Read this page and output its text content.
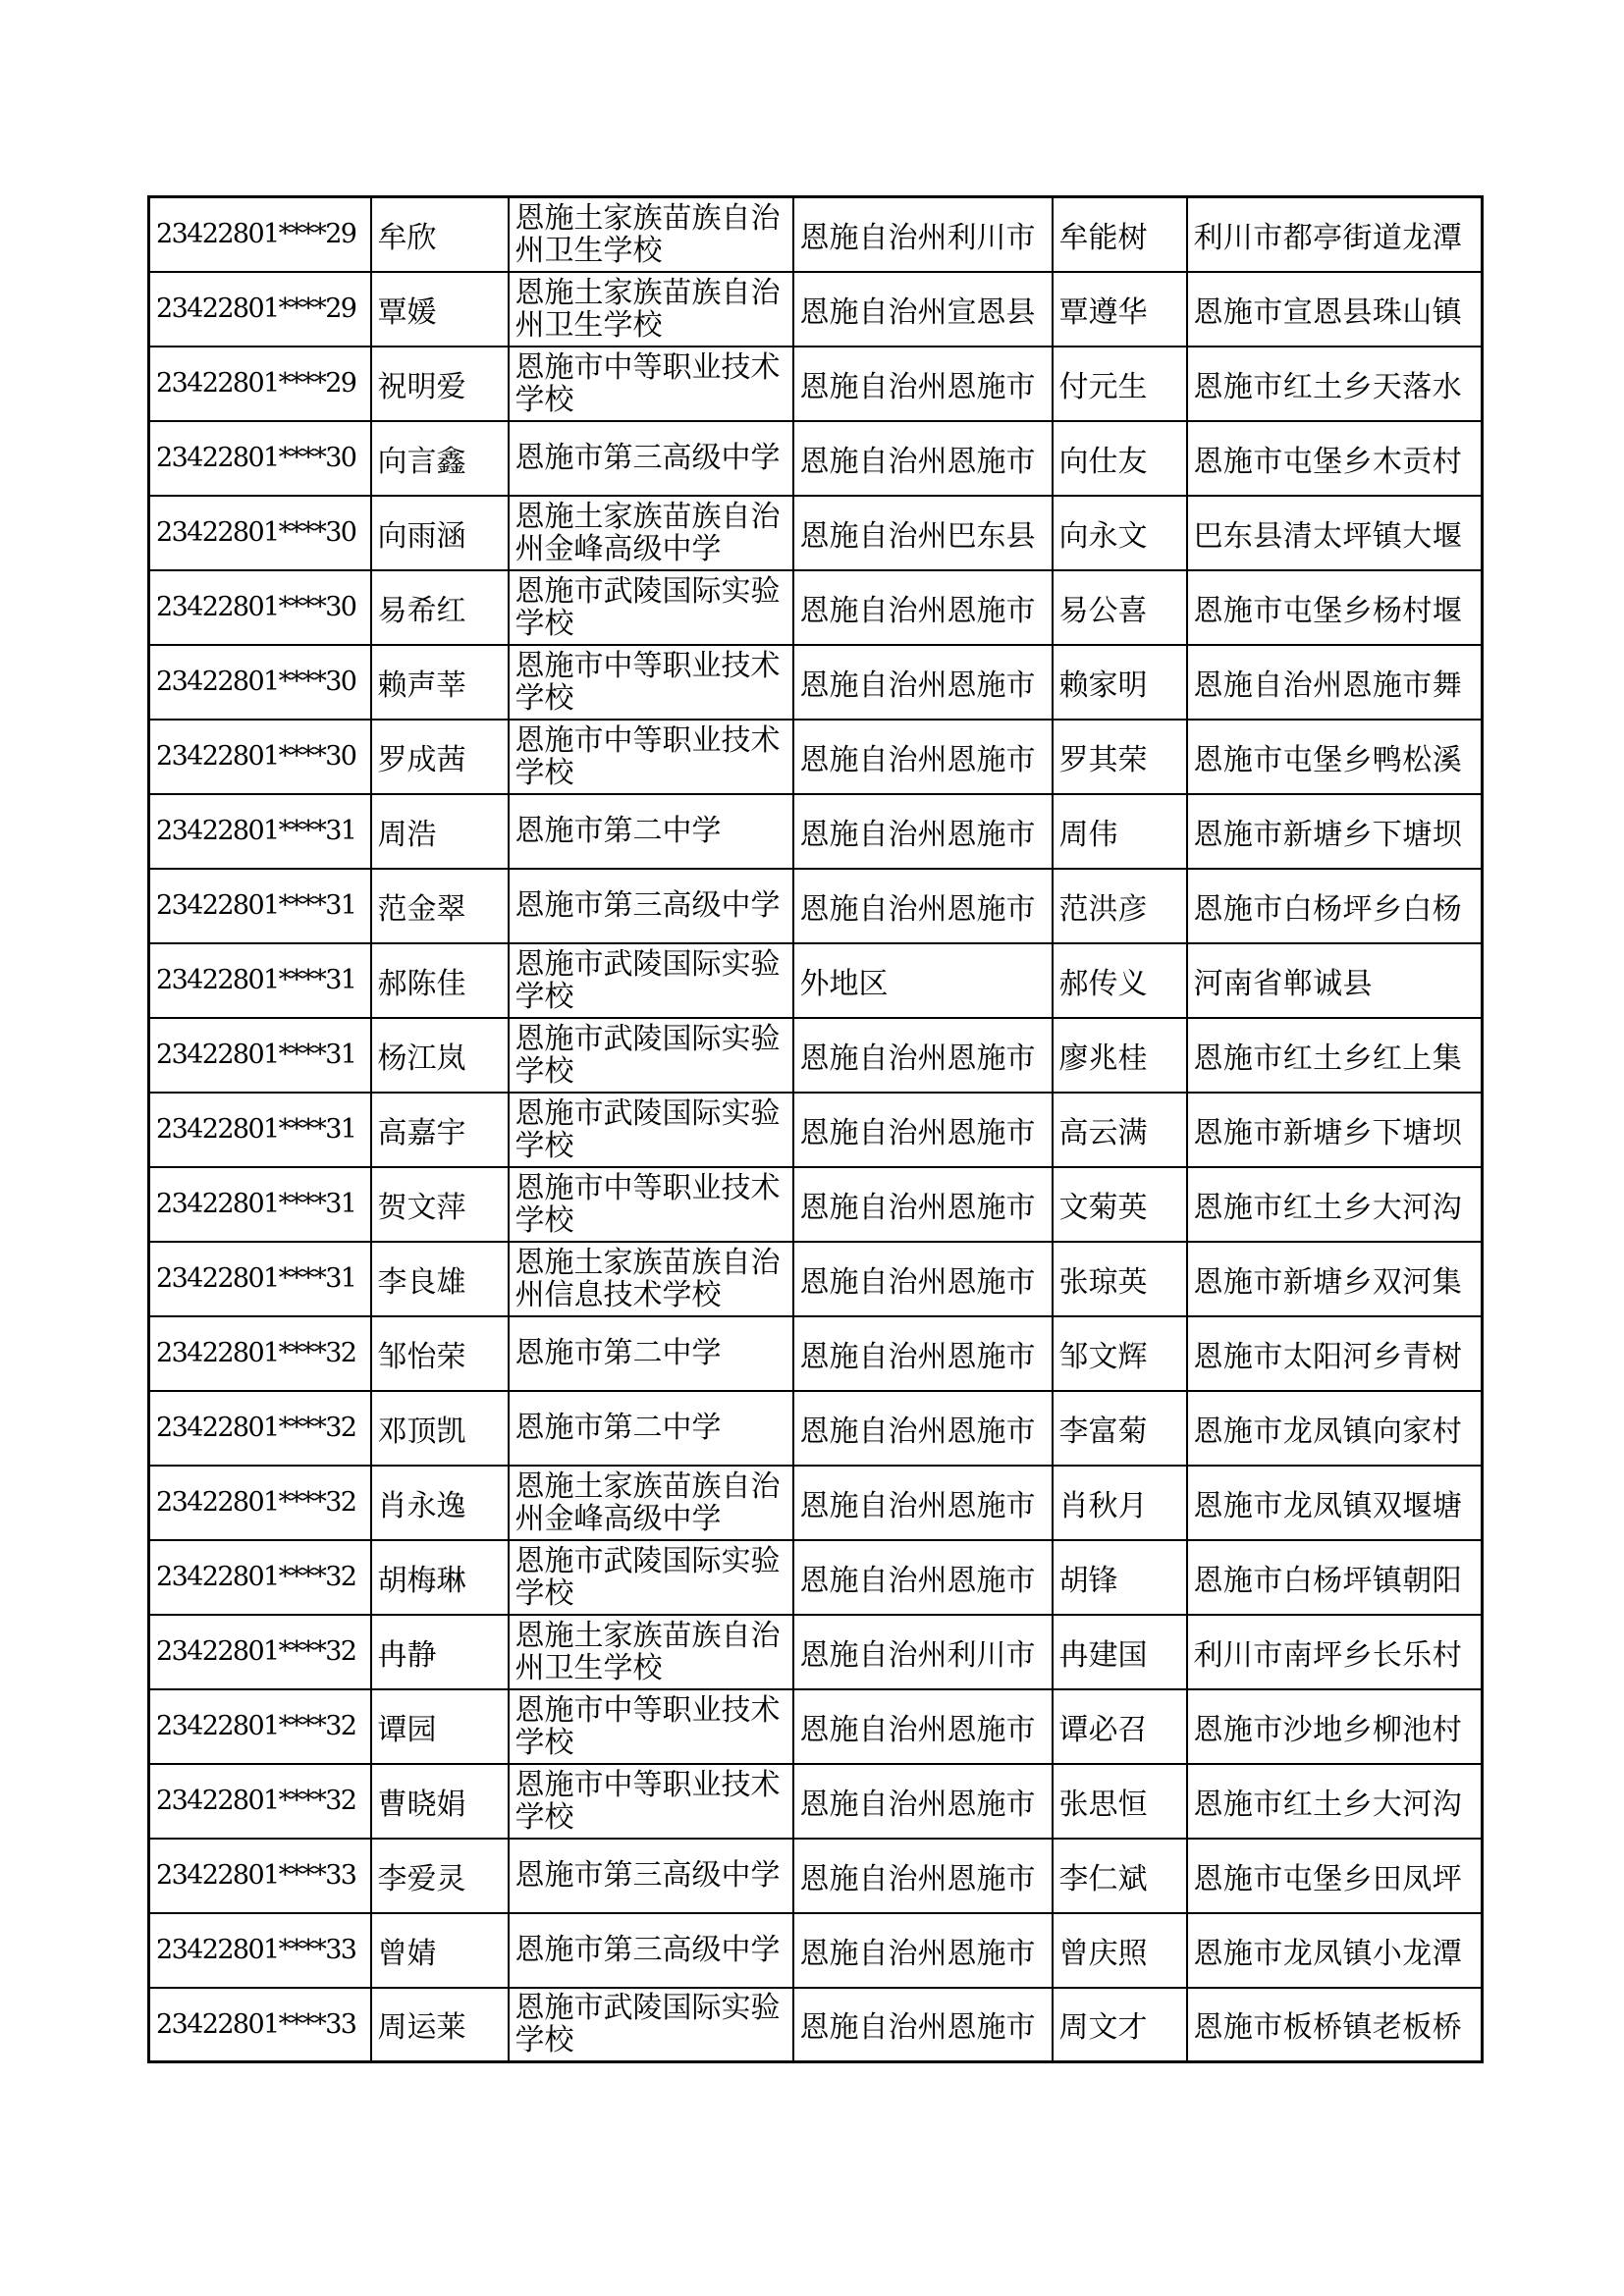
23422801****29	牟欣	恩施土家族苗族自治州卫生学校	恩施自治州利川市	牟能树	利川市都亭街道龙潭
23422801****29	覃媛	恩施土家族苗族自治州卫生学校	恩施自治州宣恩县	覃遵华	恩施市宣恩县珠山镇
23422801****29	祝明爱	恩施市中等职业技术学校	恩施自治州恩施市	付元生	恩施市红土乡天落水
23422801****30	向言鑫	恩施市第三高级中学	恩施自治州恩施市	向仕友	恩施市屯堡乡木贡村
23422801****30	向雨涵	恩施土家族苗族自治州金峰高级中学	恩施自治州巴东县	向永文	巴东县清太坪镇大堰
23422801****30	易希红	恩施市武陵国际实验学校	恩施自治州恩施市	易公喜	恩施市屯堡乡杨村堰
23422801****30	赖声莘	恩施市中等职业技术学校	恩施自治州恩施市	赖家明	恩施自治州恩施市舞
23422801****30	罗成茜	恩施市中等职业技术学校	恩施自治州恩施市	罗其荣	恩施市屯堡乡鸭松溪
23422801****31	周浩	恩施市第二中学	恩施自治州恩施市	周伟	恩施市新塘乡下塘坝
23422801****31	范金翠	恩施市第三高级中学	恩施自治州恩施市	范洪彦	恩施市白杨坪乡白杨
23422801****31	郝陈佳	恩施市武陵国际实验学校	外地区	郝传义	河南省郸诚县
23422801****31	杨江岚	恩施市武陵国际实验学校	恩施自治州恩施市	廖兆桂	恩施市红土乡红上集
23422801****31	高嘉宇	恩施市武陵国际实验学校	恩施自治州恩施市	高云满	恩施市新塘乡下塘坝
23422801****31	贺文萍	恩施市中等职业技术学校	恩施自治州恩施市	文菊英	恩施市红土乡大河沟
23422801****31	李良雄	恩施土家族苗族自治州信息技术学校	恩施自治州恩施市	张琼英	恩施市新塘乡双河集
23422801****32	邹怡荣	恩施市第二中学	恩施自治州恩施市	邹文辉	恩施市太阳河乡青树
23422801****32	邓顶凯	恩施市第二中学	恩施自治州恩施市	李富菊	恩施市龙凤镇向家村
23422801****32	肖永逸	恩施土家族苗族自治州金峰高级中学	恩施自治州恩施市	肖秋月	恩施市龙凤镇双堰塘
23422801****32	胡梅琳	恩施市武陵国际实验学校	恩施自治州恩施市	胡锋	恩施市白杨坪镇朝阳
23422801****32	冉静	恩施土家族苗族自治州卫生学校	恩施自治州利川市	冉建国	利川市南坪乡长乐村
23422801****32	谭园	恩施市中等职业技术学校	恩施自治州恩施市	谭必召	恩施市沙地乡柳池村
23422801****32	曹晓娟	恩施市中等职业技术学校	恩施自治州恩施市	张思恒	恩施市红土乡大河沟
23422801****33	李爱灵	恩施市第三高级中学	恩施自治州恩施市	李仁斌	恩施市屯堡乡田凤坪
23422801****33	曾婧	恩施市第三高级中学	恩施自治州恩施市	曾庆照	恩施市龙凤镇小龙潭
23422801****33	周运莱	恩施市武陵国际实验学校	恩施自治州恩施市	周文才	恩施市板桥镇老板桥
